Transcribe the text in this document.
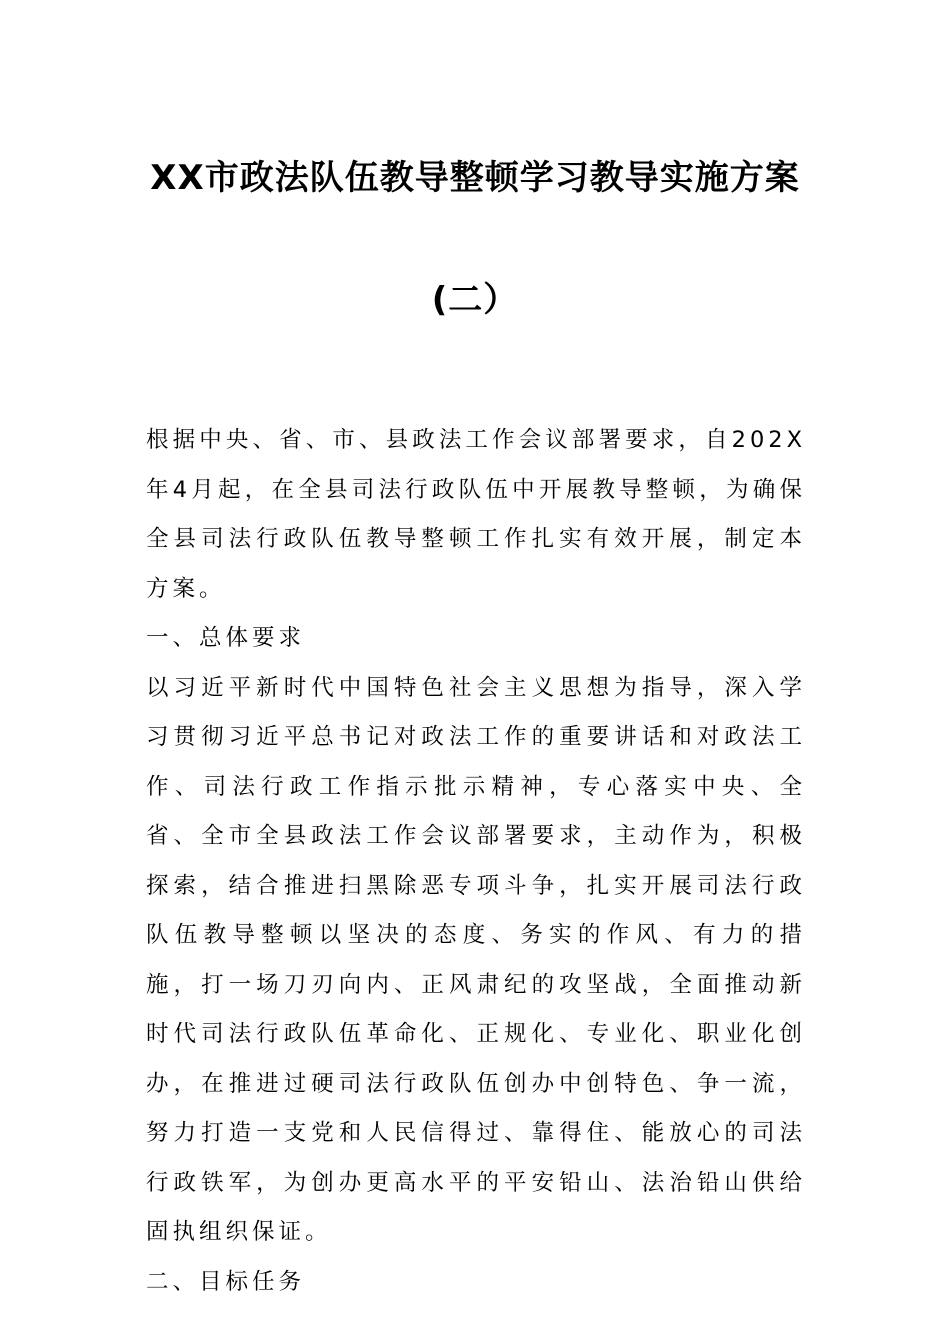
XX市政法队伍教导整顿学习教导实施方案
(二）

根据中央、省、市、县政法工作会议部署要求，自202X年4月起，在全县司法行政队伍中开展教导整顿，为确保全县司法行政队伍教导整顿工作扎实有效开展，制定本方案。

一、总体要求

以习近平新时代中国特色社会主义思想为指导，深入学习贯彻习近平总书记对政法工作的重要讲话和对政法工作、司法行政工作指示批示精神，专心落实中央、全省、全市全县政法工作会议部署要求，主动作为，积极探索，结合推进扫黑除恶专项斗争，扎实开展司法行政队伍教导整顿以坚决的态度、务实的作风、有力的措施，打一场刀刃向内、正风肃纪的攻坚战，全面推动新时代司法行政队伍革命化、正规化、专业化、职业化创办，在推进过硬司法行政队伍创办中创特色、争一流，努力打造一支党和人民信得过、靠得住、能放心的司法行政铁军，为创办更高水平的平安铅山、法治铅山供给固执组织保证。

二、目标任务
